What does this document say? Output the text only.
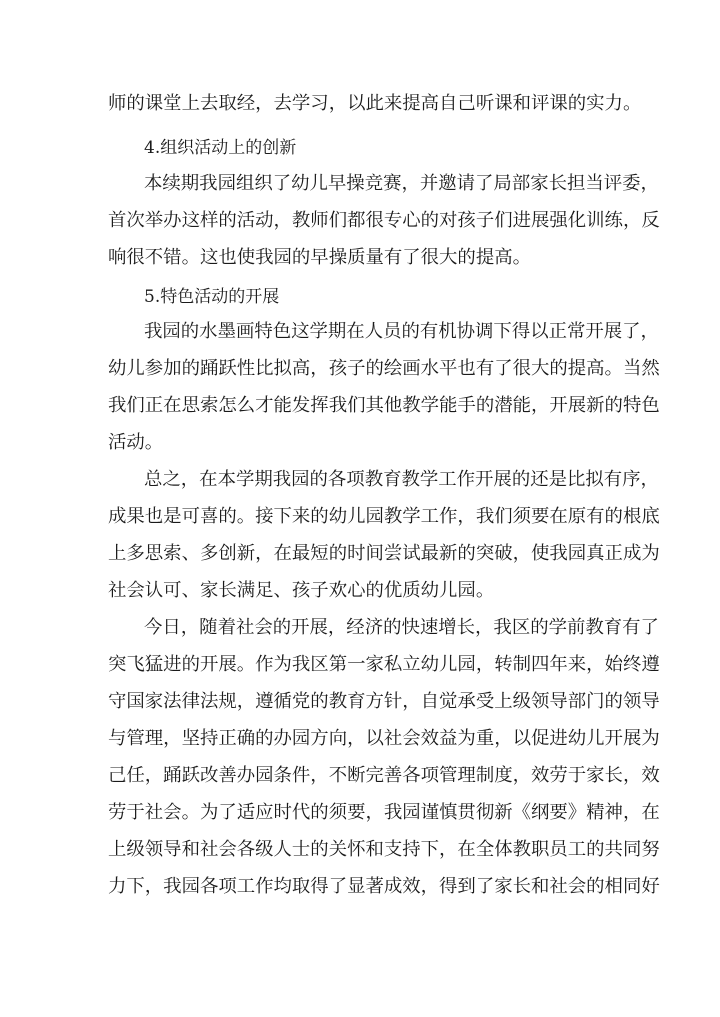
师的课堂上去取经，去学习，以此来提高自己听课和评课的实力。
4.组织活动上的创新
本续期我园组织了幼儿早操竞赛，并邀请了局部家长担当评委，
首次举办这样的活动，教师们都很专心的对孩子们进展强化训练，反
响很不错。这也使我园的早操质量有了很大的提高。
5.特色活动的开展
我园的水墨画特色这学期在人员的有机协调下得以正常开展了，
幼儿参加的踊跃性比拟高，孩子的绘画水平也有了很大的提高。当然
我们正在思索怎么才能发挥我们其他教学能手的潜能，开展新的特色
活动。
总之，在本学期我园的各项教育教学工作开展的还是比拟有序，
成果也是可喜的。接下来的幼儿园教学工作，我们须要在原有的根底
上多思索、多创新，在最短的时间尝试最新的突破，使我园真正成为
社会认可、家长满足、孩子欢心的优质幼儿园。
今日，随着社会的开展，经济的快速增长，我区的学前教育有了
突飞猛进的开展。作为我区第一家私立幼儿园，转制四年来，始终遵
守国家法律法规，遵循党的教育方针，自觉承受上级领导部门的领导
与管理，坚持正确的办园方向，以社会效益为重，以促进幼儿开展为
己任，踊跃改善办园条件，不断完善各项管理制度，效劳于家长，效
劳于社会。为了适应时代的须要，我园谨慎贯彻新《纲要》精神，在
上级领导和社会各级人士的关怀和支持下，在全体教职员工的共同努
力下，我园各项工作均取得了显著成效，得到了家长和社会的相同好
